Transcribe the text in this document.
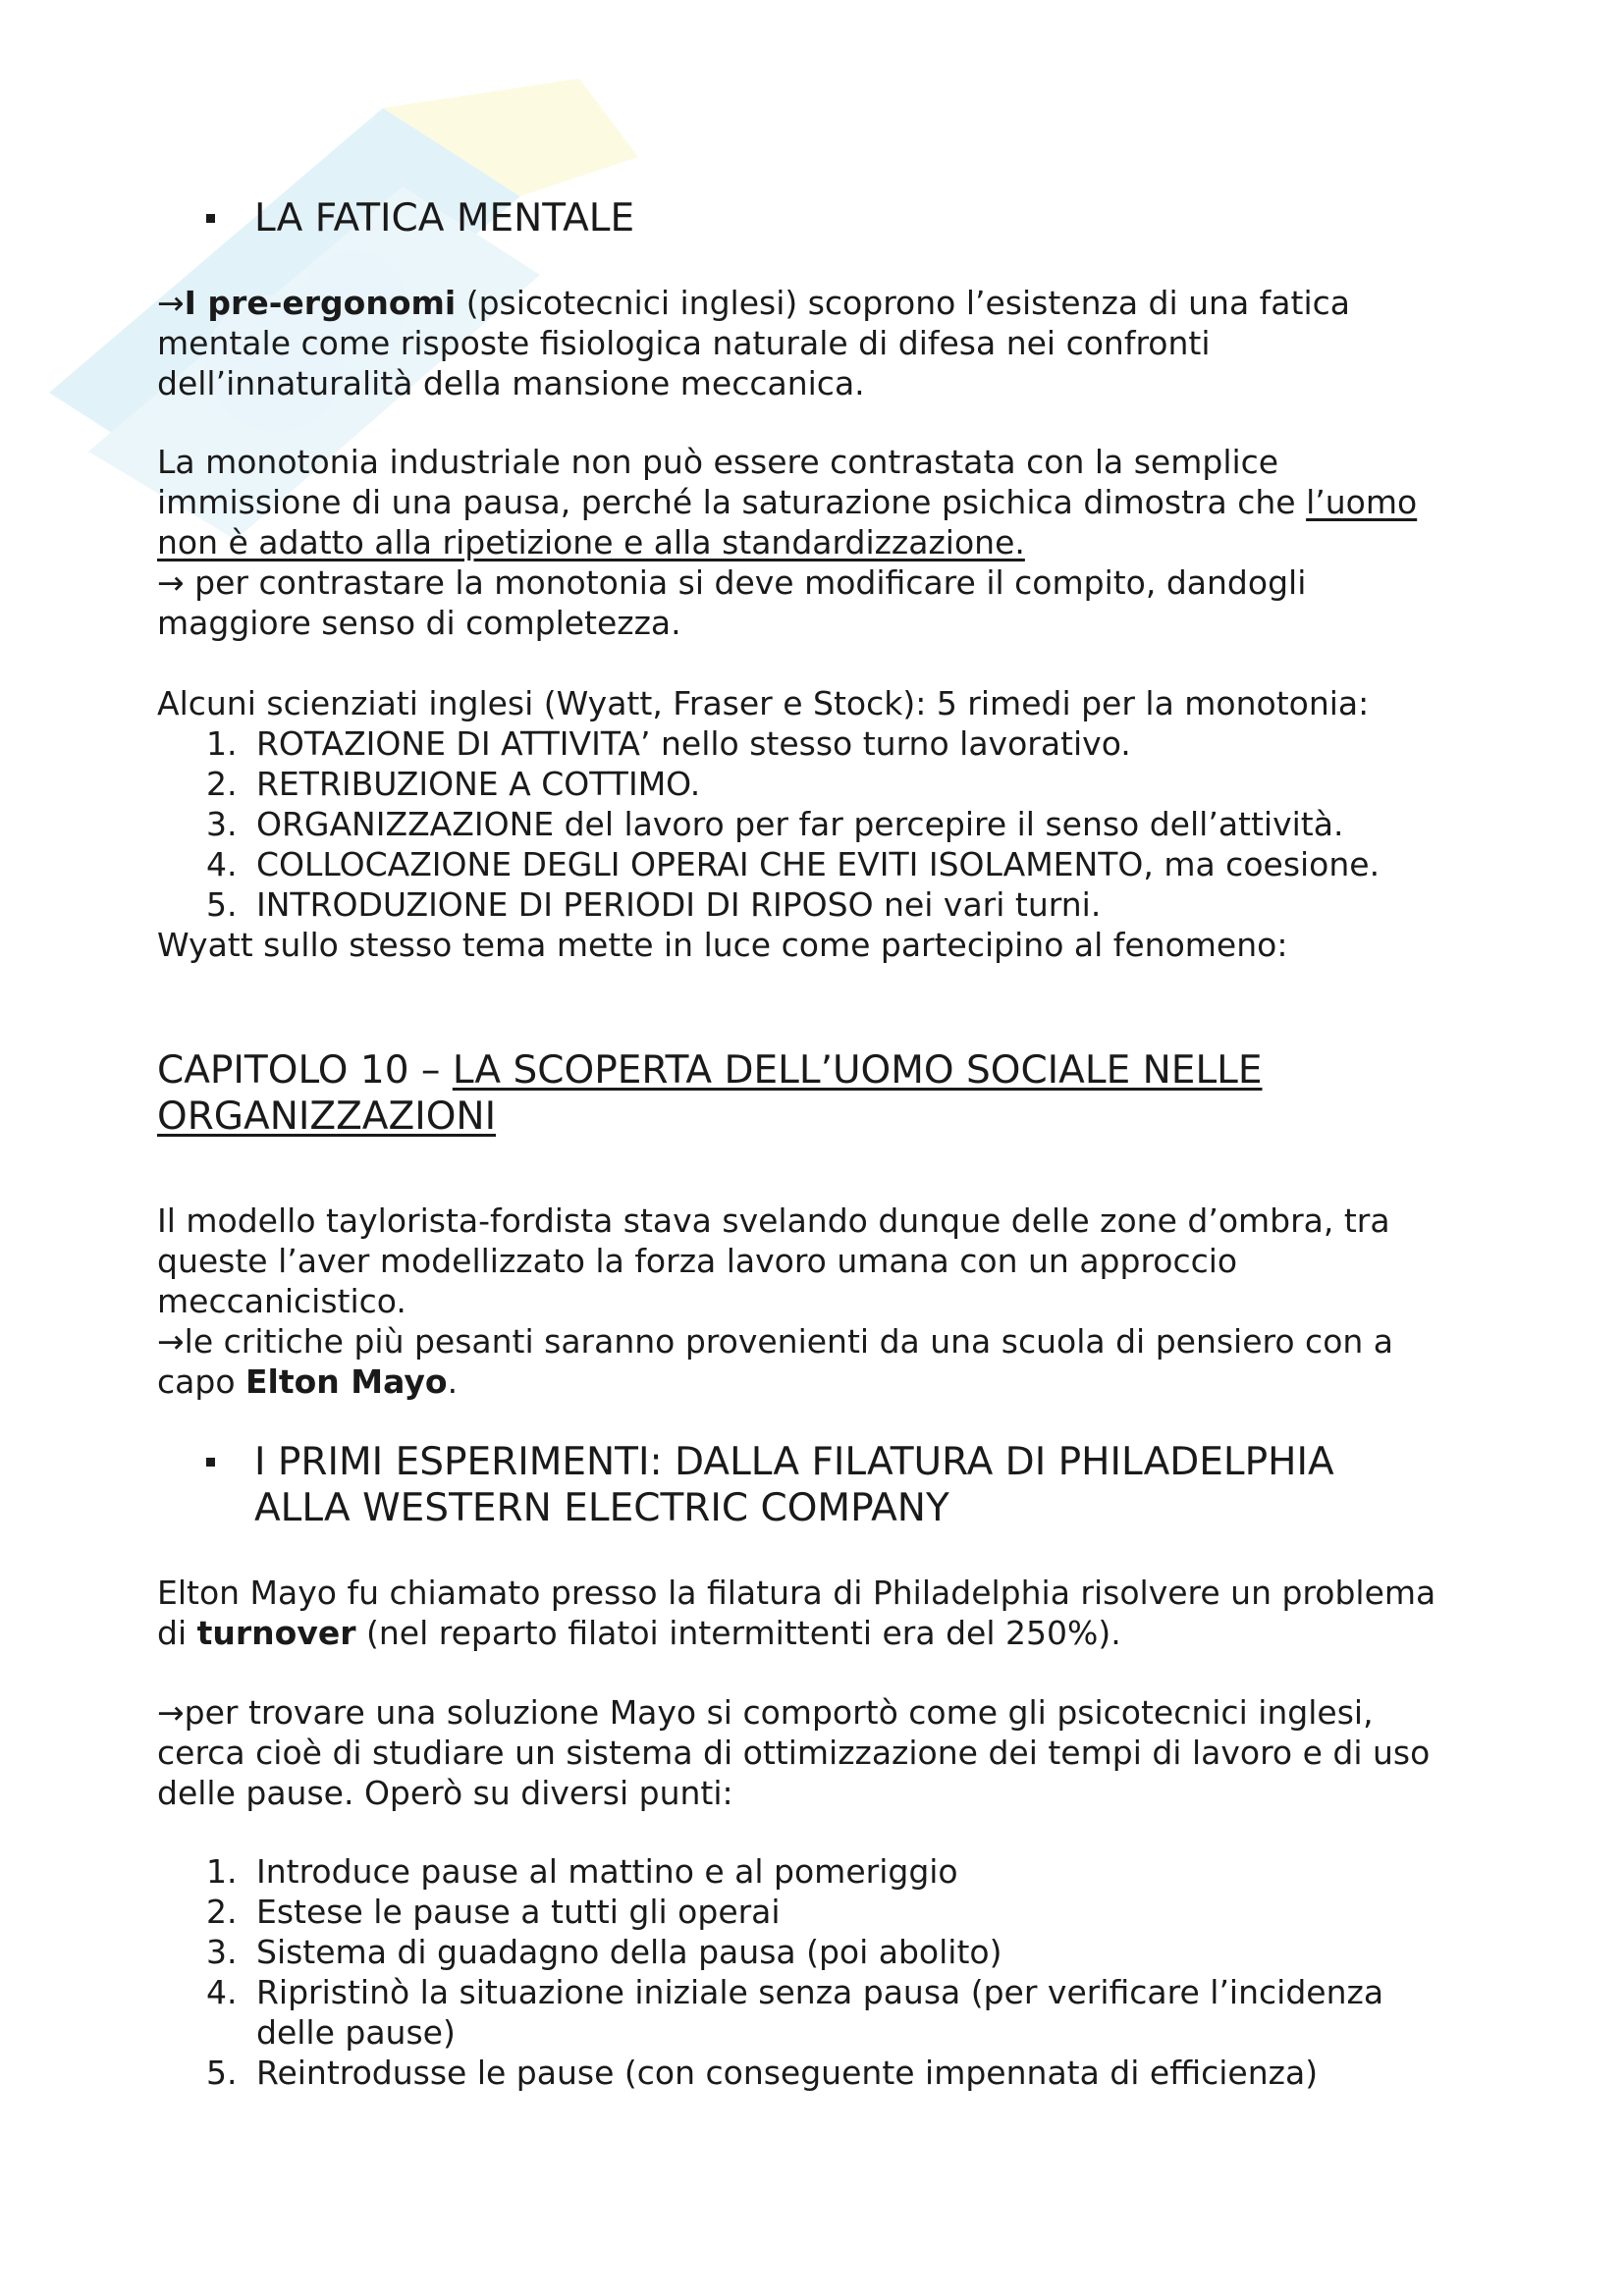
LA FATICA MENTALE

→I pre-ergonomi (psicotecnici inglesi) scoprono l’esistenza di una fatica

mentale come risposte fisiologica naturale di difesa nei confronti

dell’innaturalità della mansione meccanica.

La monotonia industriale non può essere contrastata con la semplice

immissione di una pausa, perché la saturazione psichica dimostra che l’uomo

non è adatto alla ripetizione e alla standardizzazione.

→ per contrastare la monotonia si deve modificare il compito, dandogli

maggiore senso di completezza.

Alcuni scienziati inglesi (Wyatt, Fraser e Stock): 5 rimedi per la monotonia:

1. ROTAZIONE DI ATTIVITA’ nello stesso turno lavorativo.
2. RETRIBUZIONE A COTTIMO.
3. ORGANIZZAZIONE del lavoro per far percepire il senso dell’attività.
4. COLLOCAZIONE DEGLI OPERAI CHE EVITI ISOLAMENTO, ma coesione.
5. INTRODUZIONE DI PERIODI DI RIPOSO nei vari turni.

Wyatt sullo stesso tema mette in luce come partecipino al fenomeno:

CAPITOLO 10 – LA SCOPERTA DELL’UOMO SOCIALE NELLE
ORGANIZZAZIONI

Il modello taylorista-fordista stava svelando dunque delle zone d’ombra, tra

queste l’aver modellizzato la forza lavoro umana con un approccio

meccanicistico.

→le critiche più pesanti saranno provenienti da una scuola di pensiero con a

capo Elton Mayo.

I PRIMI ESPERIMENTI: DALLA FILATURA DI PHILADELPHIA
ALLA WESTERN ELECTRIC COMPANY

Elton Mayo fu chiamato presso la filatura di Philadelphia risolvere un problema

di turnover (nel reparto filatoi intermittenti era del 250%).

→per trovare una soluzione Mayo si comportò come gli psicotecnici inglesi,

cerca cioè di studiare un sistema di ottimizzazione dei tempi di lavoro e di uso

delle pause. Operò su diversi punti:

1. Introduce pause al mattino e al pomeriggio
2. Estese le pause a tutti gli operai
3. Sistema di guadagno della pausa (poi abolito)
4. Ripristinò la situazione iniziale senza pausa (per verificare l’incidenza
delle pause)
5. Reintrodusse le pause (con conseguente impennata di efficienza)
